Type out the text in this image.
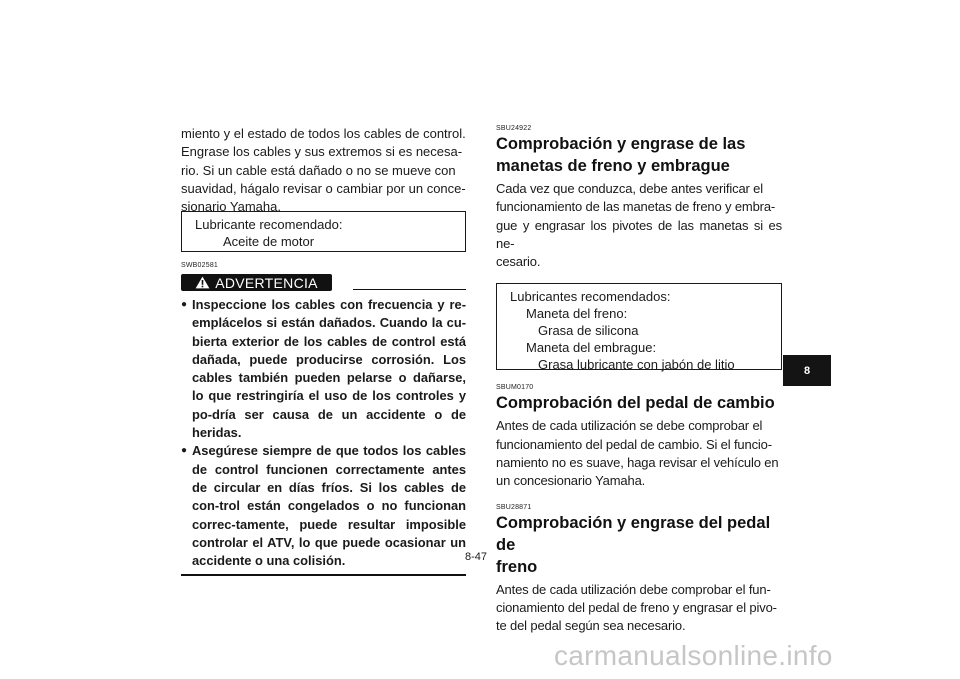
miento y el estado de todos los cables de control.
Engrase los cables y sus extremos si es necesa-
rio. Si un cable está dañado o no se mueve con
suavidad, hágalo revisar o cambiar por un conce-
sionario Yamaha.
Lubricante recomendado:
Aceite de motor
SWB02581
ADVERTENCIA
● Inspeccione los cables con frecuencia y re-emplácelos si están dañados. Cuando la cu-bierta exterior de los cables de control está dañada, puede producirse corrosión. Los cables también pueden pelarse o dañarse, lo que restringiría el uso de los controles y po-dría ser causa de un accidente o de heridas.
● Asegúrese siempre de que todos los cables de control funcionen correctamente antes de circular en días fríos. Si los cables de con-trol están congelados o no funcionan correc-tamente, puede resultar imposible controlar el ATV, lo que puede ocasionar un accidente o una colisión.
SBU24922
Comprobación y engrase de las
manetas de freno y embrague
Cada vez que conduzca, debe antes verificar el
funcionamiento de las manetas de freno y embra-
gue y engrasar los pivotes de las manetas si es ne-
cesario.
Lubricantes recomendados:
Maneta del freno:
Grasa de silicona
Maneta del embrague:
Grasa lubricante con jabón de litio
SBUM0170
Comprobación del pedal de cambio
Antes de cada utilización se debe comprobar el
funcionamiento del pedal de cambio. Si el funcio-
namiento no es suave, haga revisar el vehículo en
un concesionario Yamaha.
SBU28871
Comprobación y engrase del pedal de
freno
Antes de cada utilización debe comprobar el fun-
cionamiento del pedal de freno y engrasar el pivo-
te del pedal según sea necesario.
8
8-47
carmanualsonline.info
